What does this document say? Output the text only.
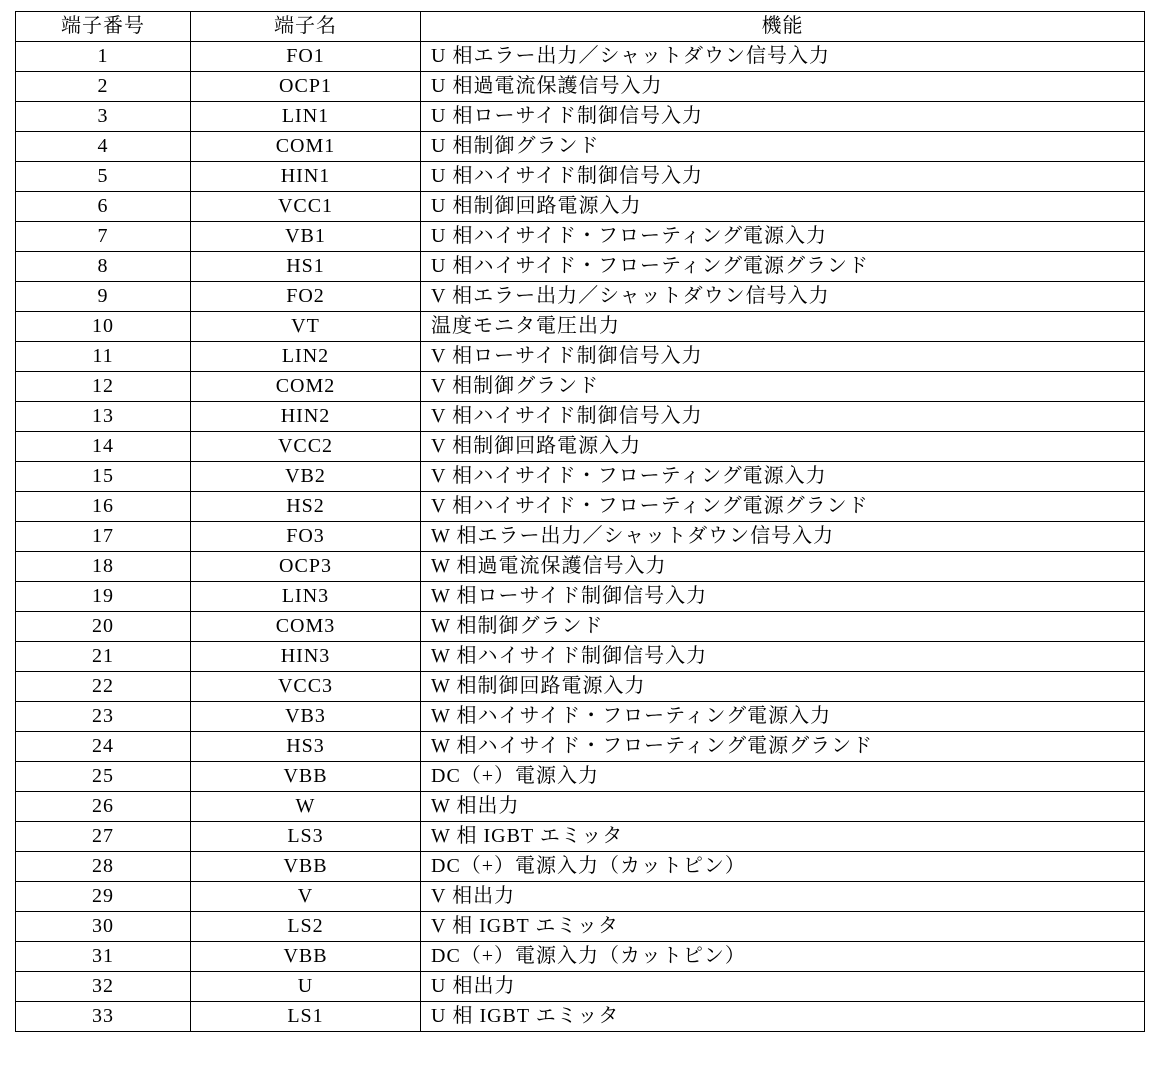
端子番号	端子名	機能
1	FO1	U 相エラー出力／シャットダウン信号入力
2	OCP1	U 相過電流保護信号入力
3	LIN1	U 相ローサイド制御信号入力
4	COM1	U 相制御グランド
5	HIN1	U 相ハイサイド制御信号入力
6	VCC1	U 相制御回路電源入力
7	VB1	U 相ハイサイド・フローティング電源入力
8	HS1	U 相ハイサイド・フローティング電源グランド
9	FO2	V 相エラー出力／シャットダウン信号入力
10	VT	温度モニタ電圧出力
11	LIN2	V 相ローサイド制御信号入力
12	COM2	V 相制御グランド
13	HIN2	V 相ハイサイド制御信号入力
14	VCC2	V 相制御回路電源入力
15	VB2	V 相ハイサイド・フローティング電源入力
16	HS2	V 相ハイサイド・フローティング電源グランド
17	FO3	W 相エラー出力／シャットダウン信号入力
18	OCP3	W 相過電流保護信号入力
19	LIN3	W 相ローサイド制御信号入力
20	COM3	W 相制御グランド
21	HIN3	W 相ハイサイド制御信号入力
22	VCC3	W 相制御回路電源入力
23	VB3	W 相ハイサイド・フローティング電源入力
24	HS3	W 相ハイサイド・フローティング電源グランド
25	VBB	DC（+）電源入力
26	W	W 相出力
27	LS3	W 相 IGBT エミッタ
28	VBB	DC（+）電源入力（カットピン）
29	V	V 相出力
30	LS2	V 相 IGBT エミッタ
31	VBB	DC（+）電源入力（カットピン）
32	U	U 相出力
33	LS1	U 相 IGBT エミッタ
